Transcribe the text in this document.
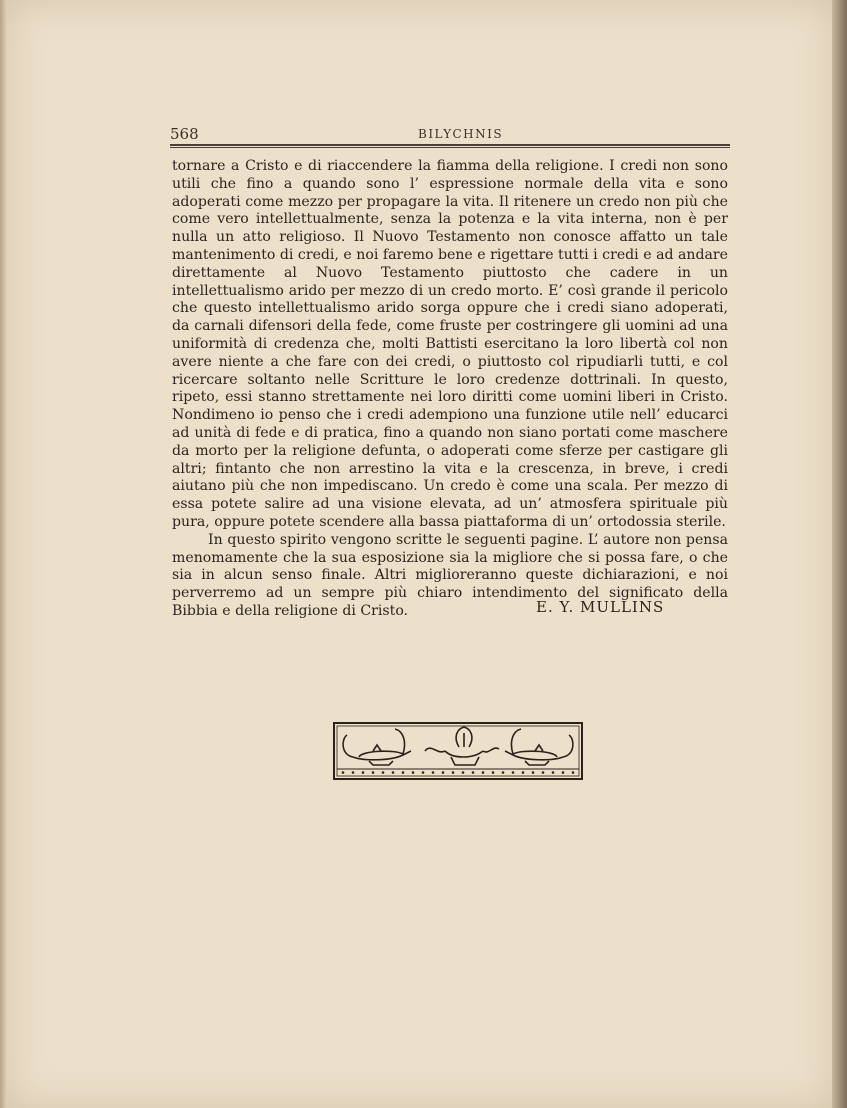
568	BILYCHNIS

tornare a Cristo e di riaccendere la fiamma della religione. I credi non sono utili che fino a quando sono l’ espressione normale della vita e sono adoperati come mezzo per propagare la vita. Il ritenere un credo non più che come vero intellettualmente, senza la potenza e la vita interna, non è per nulla un atto religioso. Il Nuovo Testamento non conosce affatto un tale mantenimento di credi, e noi faremo bene e rigettare tutti i credi e ad andare direttamente al Nuovo Testamento piuttosto che cadere in un intellettualismo arido per mezzo di un credo morto. E’ così grande il pericolo che questo intellettualismo arido sorga oppure che i credi siano adoperati, da carnali difensori della fede, come fruste per costringere gli uomini ad una uniformità di credenza che, molti Battisti esercitano la loro libertà col non avere niente a che fare con dei credi, o piuttosto col ripudiarli tutti, e col ricercare soltanto nelle Scritture le loro credenze dottrinali. In questo, ripeto, essi stanno strettamente nei loro diritti come uomini liberi in Cristo. Nondimeno io penso che i credi adempiono una funzione utile nell’ educarci ad unità di fede e di pratica, fino a quando non siano portati come maschere da morto per la religione defunta, o adoperati come sferze per castigare gli altri; fintanto che non arrestino la vita e la crescenza, in breve, i credi aiutano più che non impediscano. Un credo è come una scala. Per mezzo di essa potete salire ad una visione elevata, ad un’ atmosfera spirituale più pura, oppure potete scendere alla bassa piattaforma di un’ ortodossia sterile.

In questo spirito vengono scritte le seguenti pagine. L’ autore non pensa menomamente che la sua esposizione sia la migliore che si possa fare, o che sia in alcun senso finale. Altri miglioreranno queste dichiarazioni, e noi perverremo ad un sempre più chiaro intendimento del significato della Bibbia e della religione di Cristo.	E. Y. MULLINS
